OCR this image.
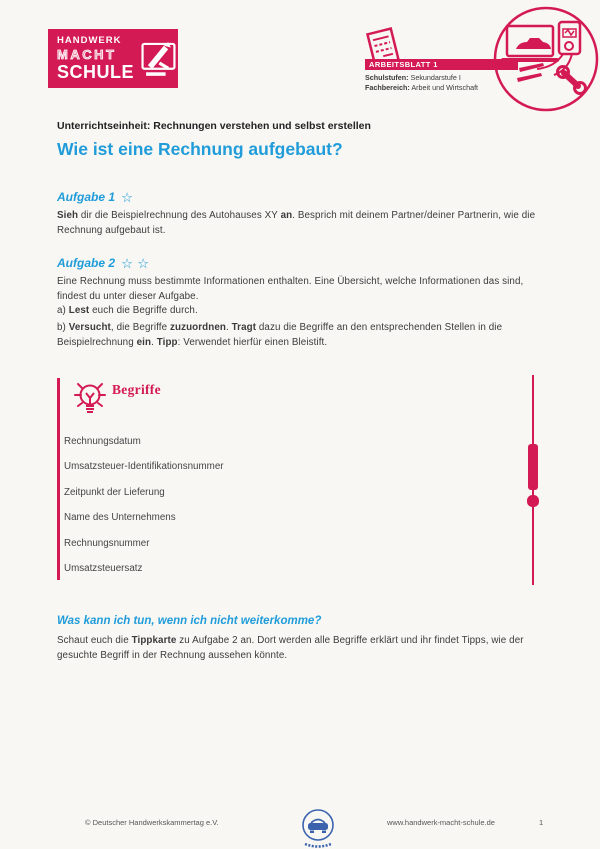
HANDWERK
MACHT
SCHULE	ARBEITSBLATT 1
Schulstufen: Sekundarstufe I
Fachbereich: Arbeit und Wirtschaft
Unterrichtseinheit: Rechnungen verstehen und selbst erstellen
Wie ist eine Rechnung aufgebaut?
Aufgabe 1 ☆

Sieh dir die Beispielrechnung des Autohauses XY an. Besprich mit deinem Partner/deiner Partnerin, wie die Rechnung aufgebaut ist.

Aufgabe 2 ☆☆

Eine Rechnung muss bestimmte Informationen enthalten. Eine Übersicht, welche Informationen das sind, findest du unter dieser Aufgabe.

a) Lest euch die Begriffe durch.

b) Versucht, die Begriffe zuzuordnen. Tragt dazu die Begriffe an den entsprechenden Stellen in die Beispielrechnung ein. Tipp: Verwendet hierfür einen Bleistift.

Begriffe
Rechnungsdatum
Umsatzsteuer-Identifikationsnummer
Zeitpunkt der Lieferung
Name des Unternehmens
Rechnungsnummer
Umsatzsteuersatz
Was kann ich tun, wenn ich nicht weiterkomme?

Schaut euch die Tippkarte zu Aufgabe 2 an. Dort werden alle Begriffe erklärt und ihr findet Tipps, wie der gesuchte Begriff in der Rechnung aussehen könnte.

© Deutscher Handwerkskammertag e.V.	www.handwerk-macht-schule.de	1
